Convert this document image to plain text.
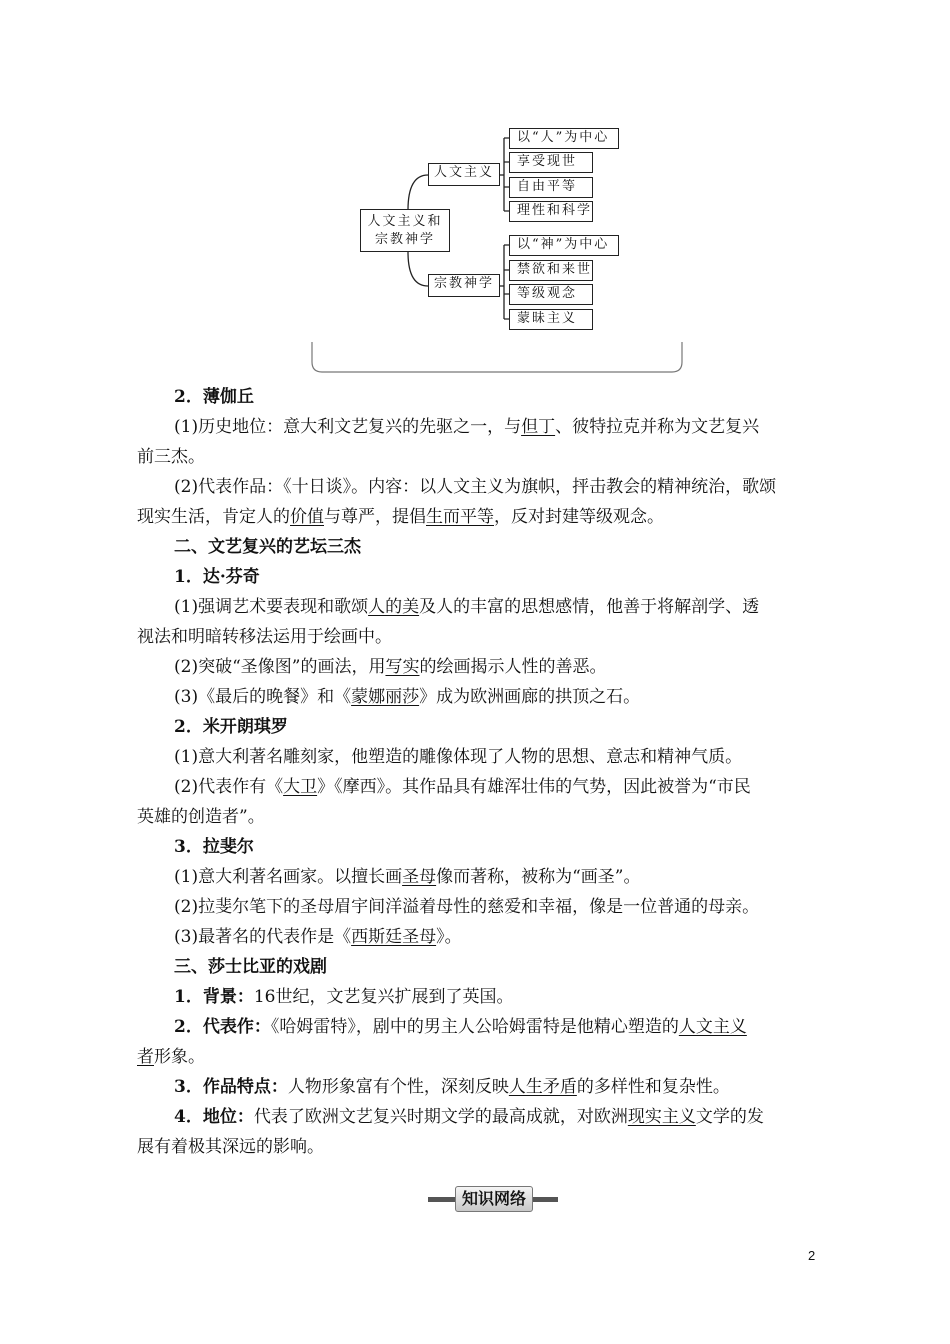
人文主义和
宗教神学
人文主义
以“人”为中心
享受现世
自由平等
理性和科学
宗教神学
以“神”为中心
禁欲和来世
等级观念
蒙昧主义
2．薄伽丘
(1)历史地位：意大利文艺复兴的先驱之一，与但丁、彼特拉克并称为文艺复兴
前三杰。
(2)代表作品：《十日谈》。内容：以人文主义为旗帜，抨击教会的精神统治，歌颂
现实生活，肯定人的价值与尊严，提倡生而平等，反对封建等级观念。
二、文艺复兴的艺坛三杰
1．达·芬奇
(1)强调艺术要表现和歌颂人的美及人的丰富的思想感情，他善于将解剖学、透
视法和明暗转移法运用于绘画中。
(2)突破“圣像图”的画法，用写实的绘画揭示人性的善恶。
(3)《最后的晚餐》和《蒙娜丽莎》成为欧洲画廊的拱顶之石。
2．米开朗琪罗
(1)意大利著名雕刻家，他塑造的雕像体现了人物的思想、意志和精神气质。
(2)代表作有《大卫》《摩西》。其作品具有雄浑壮伟的气势，因此被誉为“市民
英雄的创造者”。
3．拉斐尔
(1)意大利著名画家。以擅长画圣母像而著称，被称为“画圣”。
(2)拉斐尔笔下的圣母眉宇间洋溢着母性的慈爱和幸福，像是一位普通的母亲。
(3)最著名的代表作是《西斯廷圣母》。
三、莎士比亚的戏剧
1．背景：16世纪，文艺复兴扩展到了英国。
2．代表作：《哈姆雷特》，剧中的男主人公哈姆雷特是他精心塑造的人文主义
者形象。
3．作品特点：人物形象富有个性，深刻反映人生矛盾的多样性和复杂性。
4．地位：代表了欧洲文艺复兴时期文学的最高成就，对欧洲现实主义文学的发
展有着极其深远的影响。
知识网络
2
